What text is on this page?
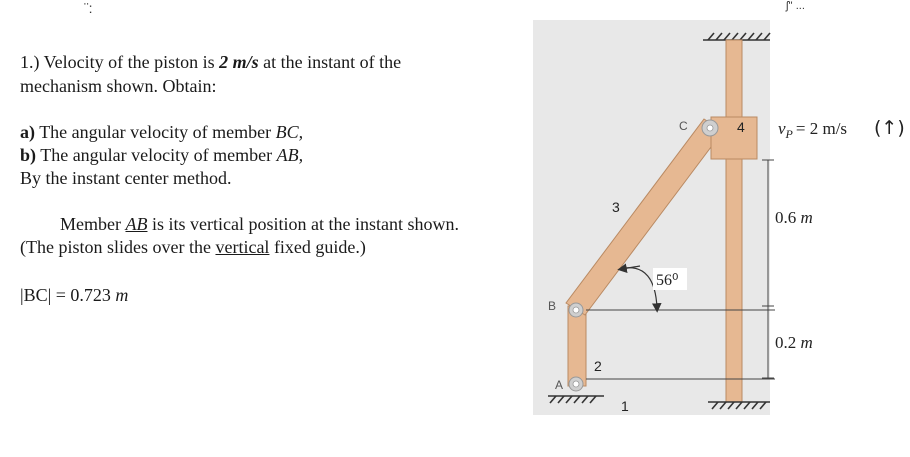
¨:	ʃ'' ...
1.) Velocity of the piston is 2 m/s at the instant of the
mechanism shown. Obtain:
a) The angular velocity of member BC,
b) The angular velocity of member AB,
By the instant center method.
Member AB is its vertical position at the instant shown.
(The piston slides over the vertical fixed guide.)
|BC| = 0.723 m
A
B
C
1
2
3
4
56⁰
$v_P = 2$ m/s (↑)
0.6 m
0.2 m
